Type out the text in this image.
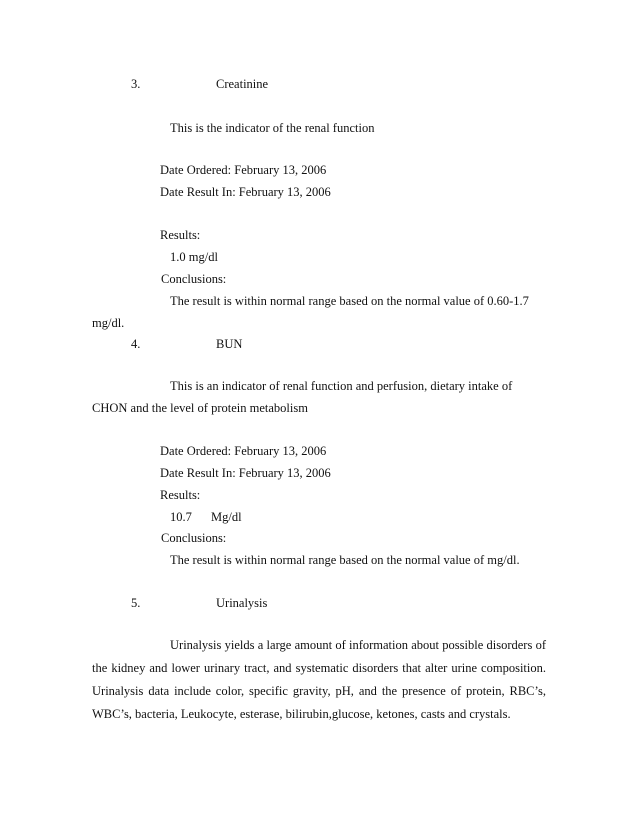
3.	Creatinine
This is the indicator of the renal function
Date Ordered: February 13, 2006
Date Result In: February 13, 2006
Results:
1.0 mg/dl
Conclusions:
The result is within normal range based on the normal value of 0.60-1.7
mg/dl.
4.	BUN
This is an indicator of renal function and perfusion, dietary intake of
CHON and the level of protein metabolism
Date Ordered: February 13, 2006
Date Result In: February 13, 2006
Results:
10.7 Mg/dl
Conclusions:
The result is within normal range based on the normal value of mg/dl.
5.	Urinalysis
Urinalysis yields a large amount of information about possible disorders of
the kidney and lower urinary tract, and systematic disorders that alter urine composition.
Urinalysis data include color, specific gravity, pH, and the presence of protein, RBC’s,
WBC’s, bacteria, Leukocyte, esterase, bilirubin,glucose, ketones, casts and crystals.
